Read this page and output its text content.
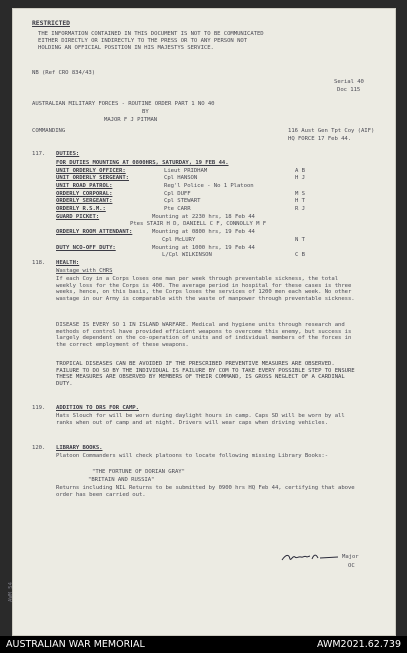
RESTRICTED
THE INFORMATION CONTAINED IN THIS DOCUMENT IS NOT TO BE COMMUNICATED
EITHER DIRECTLY OR INDIRECTLY TO THE PRESS OR TO ANY PERSON NOT
HOLDING AN OFFICIAL POSITION IN HIS MAJESTYS SERVICE.
NB (Ref CRO 834/43)
Serial 40
Doc 115
AUSTRALIAN MILITARY FORCES - ROUTINE ORDER PART 1 NO 40
BY
MAJOR F J PITMAN
COMMANDING	116 Aust Gen Tpt Coy (AIF)
HQ FORCE 17 Feb 44.
117. DUTIES:
118. HEALTH:
Wastage with CHRS
If each Coy in a Corps loses one man per week through preventable sickness, the total weekly loss for the Corps is 400. The average period in hospital for these cases is three weeks, hence, on this basis, the Corps loses the services of 1200 men each week. No other wastage in our Army is comparable with the waste of manpower through preventable sickness.
DISEASE IS EVERY SO 1 IN ISLAND WARFARE. Medical and hygiene units through research and methods of control have provided efficient weapons to overcome this enemy, but success is largely dependent on the co-operation of units and of individual members of the forces in the correct employment of these weapons.
TROPICAL DISEASES CAN BE AVOIDED IF THE PRESCRIBED PREVENTIVE MEASURES ARE OBSERVED. FAILURE TO DO SO BY THE INDIVIDUAL IS FAILURE BY COM TO TAKE EVERY POSSIBLE STEP TO ENSURE THESE MEASURES ARE OBSERVED BY MEMBERS OF THEIR COMMAND, IS GROSS NEGLECT OF A CARDINAL DUTY.
119. ADDITION TO DRS FOR CAMP.
Hats Slouch for will be worn during daylight hours in camp. Caps SD will be worn by all ranks when out of camp and at night. Drivers will wear caps when driving vehicles.
120. LIBRARY BOOKS.
Platoon Commanders will check platoons to locate following missing Library Books:-
"THE FORTUNE OF DORIAN GRAY"
"BRITAIN AND RUSSIA"
Returns including NIL Returns to be submitted by 0900 hrs HQ Feb 44, certifying that above order has been carried out.
Major
OC
AWM 54
FOR DUTIES MOUNTING AT 0800HRS, SATURDAY, 19 FEB 44.
UNIT ORDERLY OFFICER:	Lieut PRIDHAM	A B
UNIT ORDERLY SERGEANT:	Cpl HANSON	H J
UNIT ROAD PATROL:	Reg'l Police - No 1 Platoon
ORDERLY CORPORAL:	Cpl DUFF	M S
ORDERLY SERGEANT:	Cpl STEWART	H T
ORDERLY R.S.M.:	Pte CARR	R J
GUARD PICKET:	Mounting at 2230 hrs, 18 Feb 44
Ptes STAIR H D, DANIELL C F, CONNOLLY M F
ORDERLY ROOM ATTENDANT:	Mounting at 0800 hrs, 19 Feb 44
Cpl McLURY	N T
DUTY NCO-OFF DUTY:	Mounting at 1000 hrs, 19 Feb 44
L/Cpl WILKINSON	C B
AUSTRALIAN WAR MEMORIAL	AWM2021.62.739
